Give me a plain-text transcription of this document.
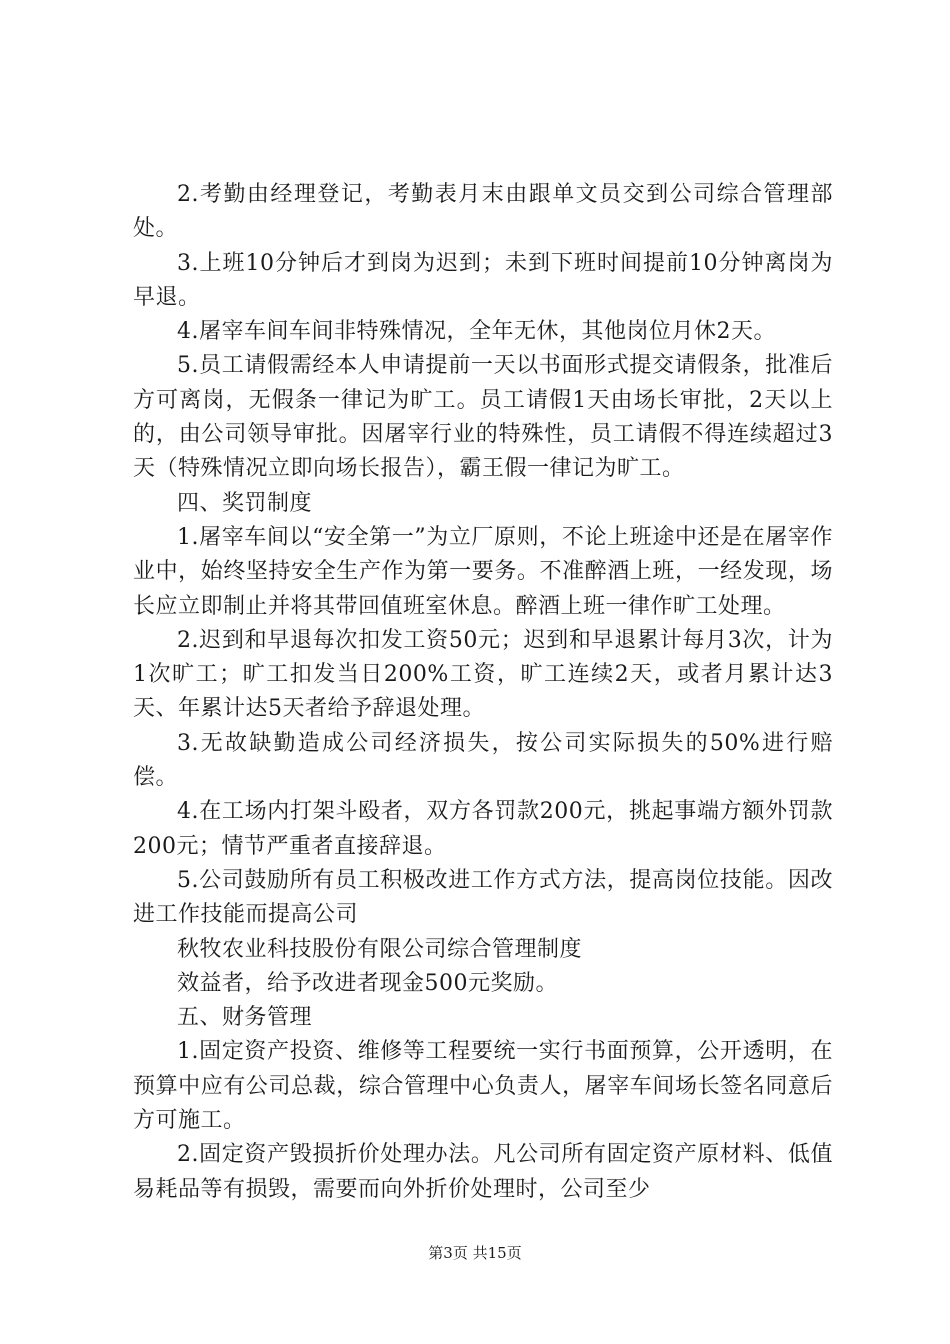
2.考勤由经理登记，考勤表月末由跟单文员交到公司综合管理部处。

3.上班10分钟后才到岗为迟到；未到下班时间提前10分钟离岗为早退。

4.屠宰车间车间非特殊情况，全年无休，其他岗位月休2天。

5.员工请假需经本人申请提前一天以书面形式提交请假条，批准后方可离岗，无假条一律记为旷工。员工请假1天由场长审批，2天以上的，由公司领导审批。因屠宰行业的特殊性，员工请假不得连续超过3天（特殊情况立即向场长报告），霸王假一律记为旷工。

四、奖罚制度

1.屠宰车间以“安全第一”为立厂原则，不论上班途中还是在屠宰作业中，始终坚持安全生产作为第一要务。不准醉酒上班，一经发现，场长应立即制止并将其带回值班室休息。醉酒上班一律作旷工处理。

2.迟到和早退每次扣发工资50元；迟到和早退累计每月3次，计为1次旷工；旷工扣发当日200%工资，旷工连续2天，或者月累计达3天、年累计达5天者给予辞退处理。

3.无故缺勤造成公司经济损失，按公司实际损失的50%进行赔偿。

4.在工场内打架斗殴者，双方各罚款200元，挑起事端方额外罚款200元；情节严重者直接辞退。

5.公司鼓励所有员工积极改进工作方式方法，提高岗位技能。因改进工作技能而提高公司

秋牧农业科技股份有限公司综合管理制度

效益者，给予改进者现金500元奖励。

五、财务管理

1.固定资产投资、维修等工程要统一实行书面预算，公开透明，在预算中应有公司总裁，综合管理中心负责人，屠宰车间场长签名同意后方可施工。

2.固定资产毁损折价处理办法。凡公司所有固定资产原材料、低值易耗品等有损毁，需要而向外折价处理时，公司至少

第3页 共15页
